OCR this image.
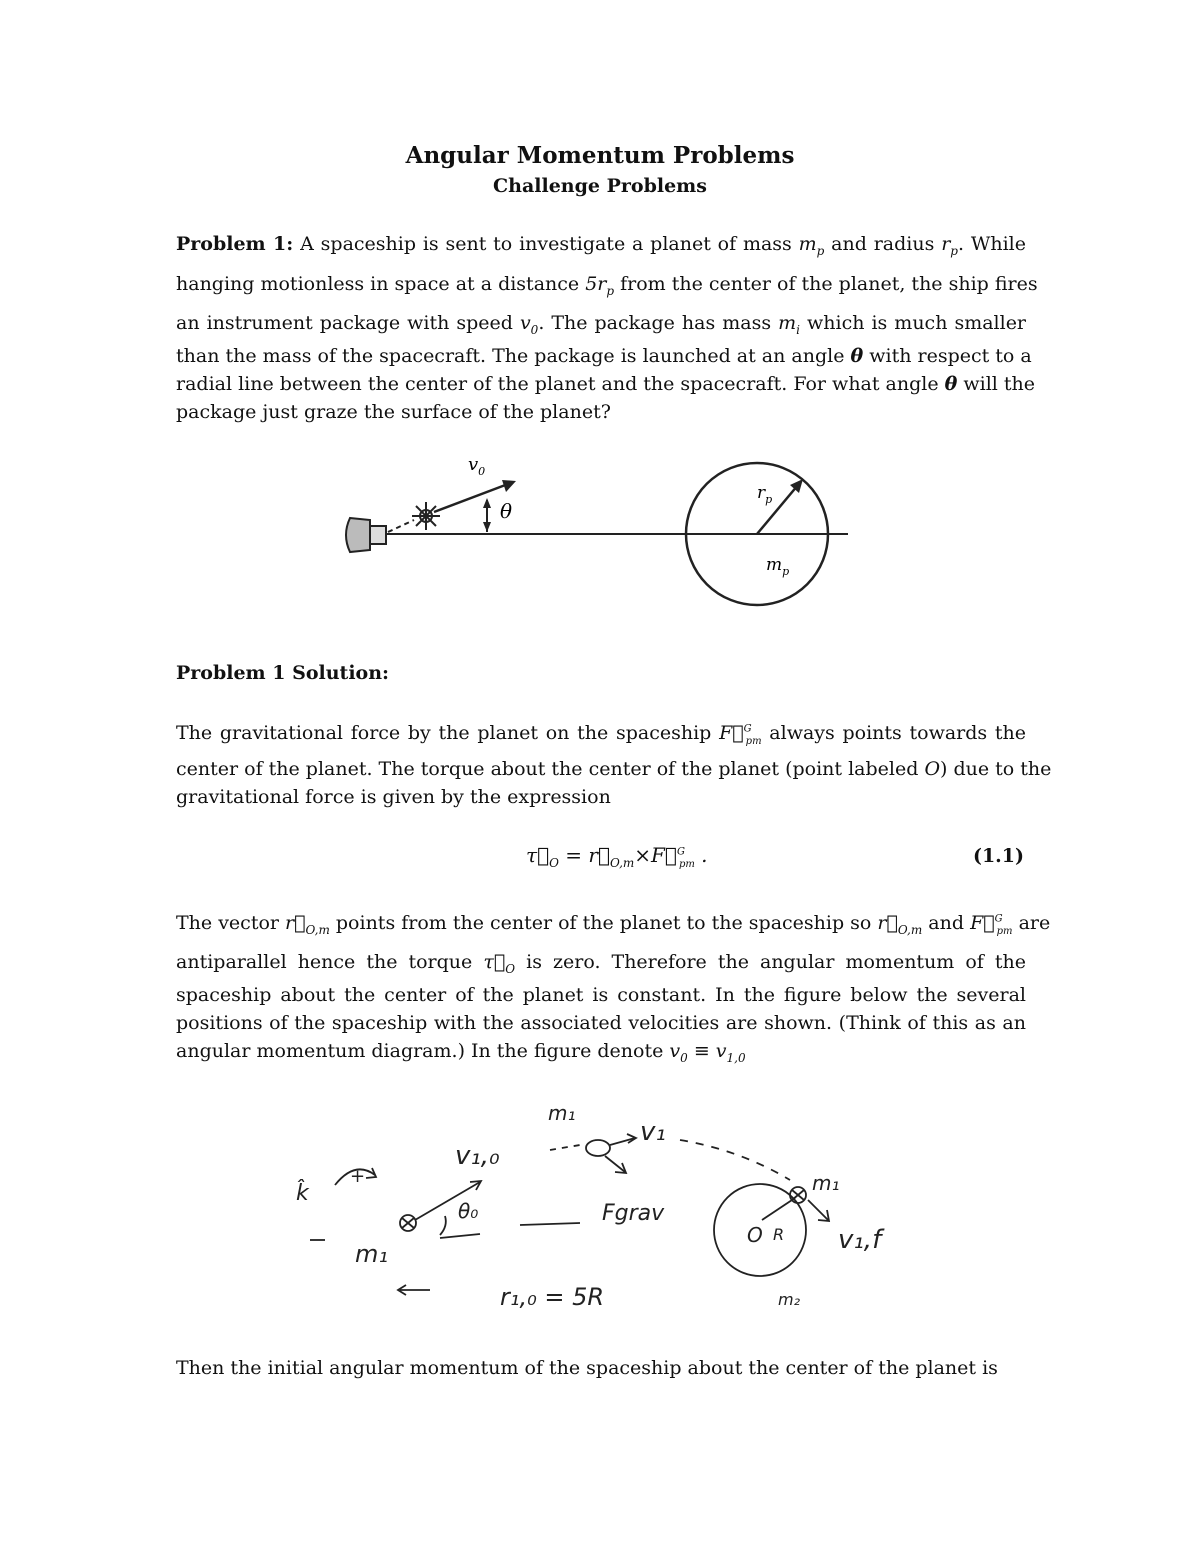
Angular Momentum Problems
Challenge Problems
Problem 1: A spaceship is sent to investigate a planet of mass $m_p$ and radius $r_p$. While
hanging motionless in space at a distance $5r_p$ from the center of the planet, the ship fires
an instrument package with speed $v_0$. The package has mass $m_i$ which is much smaller
than the mass of the spacecraft. The package is launched at an angle θ with respect to a
radial line between the center of the planet and the spacecraft. For what angle θ will the
package just graze the surface of the planet?
$v_0$
θ
$r_p$
$m_p$
Problem 1 Solution:
The gravitational force by the planet on the spaceship F⃗$^G_{pm}$ always points towards the
center of the planet. The torque about the center of the planet (point labeled O) due to the
gravitational force is given by the expression
$\tau⃗_O$ = $r⃗_{O,m}\times F⃗^G_{pm}$ .	(1.1)
The vector $r⃗_{O,m}$ points from the center of the planet to the spaceship so $r⃗_{O,m}$ and F⃗$^G_{pm}$ are
antiparallel hence the torque $\tau⃗_O$ is zero. Therefore the angular momentum of the
spaceship about the center of the planet is constant. In the figure below the several
positions of the spaceship with the associated velocities are shown. (Think of this as an
angular momentum diagram.) In the figure denote $v_0 \equiv v_{1,0}$
m₁
v₁,₀
v₁
Fgrav
θ₀
k̂
+
m₁
m₁
v₁,f
O R
m₂
r₁,₀ = 5R
Then the initial angular momentum of the spaceship about the center of the planet is
